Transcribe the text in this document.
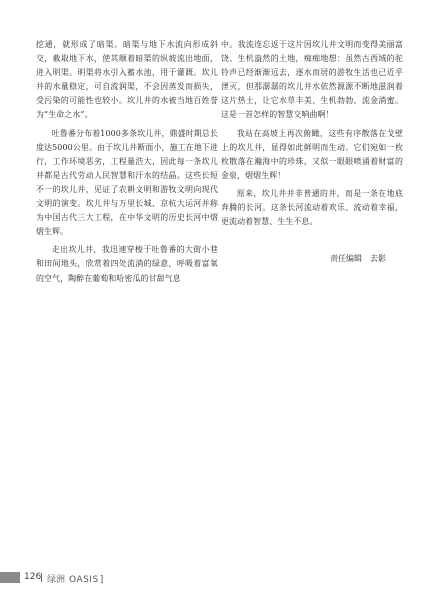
挖通，就形成了暗渠。暗渠与地下水流向形成斜交，截取地下水，使其顺着暗渠的纵坡流出地面，进入明渠。明渠将水引入蓄水池，用于灌溉。坎儿井的水量稳定，可自流润渠，不会因蒸发而损失，受污染的可能性也较小。坎儿井的水被当地百姓誉为“生命之水”。

吐鲁番分布着1000多条坎儿井，鼎盛时期总长度达5000公里。由于坎儿井断面小，施工在地下进行，工作环境恶劣，工程量浩大，因此每一条坎儿井都是古代劳动人民智慧和汗水的结晶。这些长短不一的坎儿井，见证了农耕文明和游牧文明向现代文明的演变。坎儿井与万里长城、京杭大运河并称为中国古代三大工程，在中华文明的历史长河中熠熠生辉。

走出坎儿井，我迅速穿梭于吐鲁番的大街小巷和田间地头，欣赏着四处流淌的绿意，呼吸着富氧的空气，陶醉在葡萄和哈密瓜的甘甜气息

中。我流连忘返于这片因坎儿井文明而变得美丽富饶、生机盎然的土地，痴痴地想：虽然古西域的驼铃声已经渐渐远去，逐水而居的游牧生活也已近乎湮灭，但那潺潺的坎儿井水依然源源不断地滋润着这片热土，让它水草丰美、生机勃勃、流金淌蜜。这是一首怎样的智慧交响曲啊！

我站在高坡上再次俯瞰，这些有序散落在戈壁上的坎儿井，显得如此鲜明而生动。它们宛如一枚枚散落在瀚海中的珍珠，又似一眼眼喷涌着财富的金泉，熠熠生辉！

原来，坎儿井并非普通的井，而是一条在地底奔腾的长河。这条长河流动着欢乐、流动着幸福，更流动着智慧、生生不息。

责任编辑　去影
126 绿洲 OASIS]
